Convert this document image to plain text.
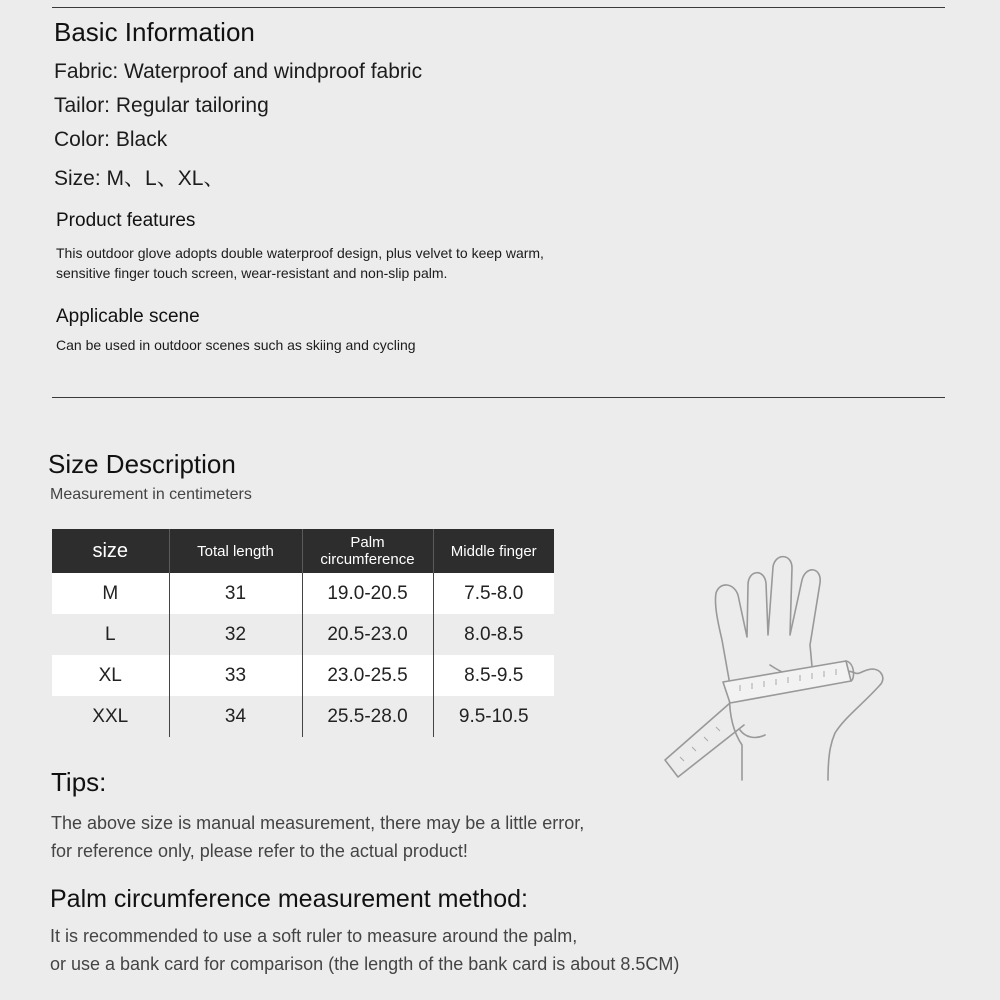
Basic Information
Fabric: Waterproof and windproof fabric
Tailor: Regular tailoring
Color: Black
Size: M、L、XL、
Product features
This outdoor glove adopts double waterproof design, plus velvet to keep warm,
sensitive finger touch screen, wear-resistant and non-slip palm.
Applicable scene
Can be used in outdoor scenes such as skiing and cycling
Size Description
Measurement in centimeters
size	Total length	Palm circumference	Middle finger
M	31	19.0-20.5	7.5-8.0
L	32	20.5-23.0	8.0-8.5
XL	33	23.0-25.5	8.5-9.5
XXL	34	25.5-28.0	9.5-10.5
Tips:
The above size is manual measurement, there may be a little error,
for reference only, please refer to the actual product!
Palm circumference measurement method:
It is recommended to use a soft ruler to measure around the palm,
or use a bank card for comparison (the length of the bank card is about 8.5CM)
